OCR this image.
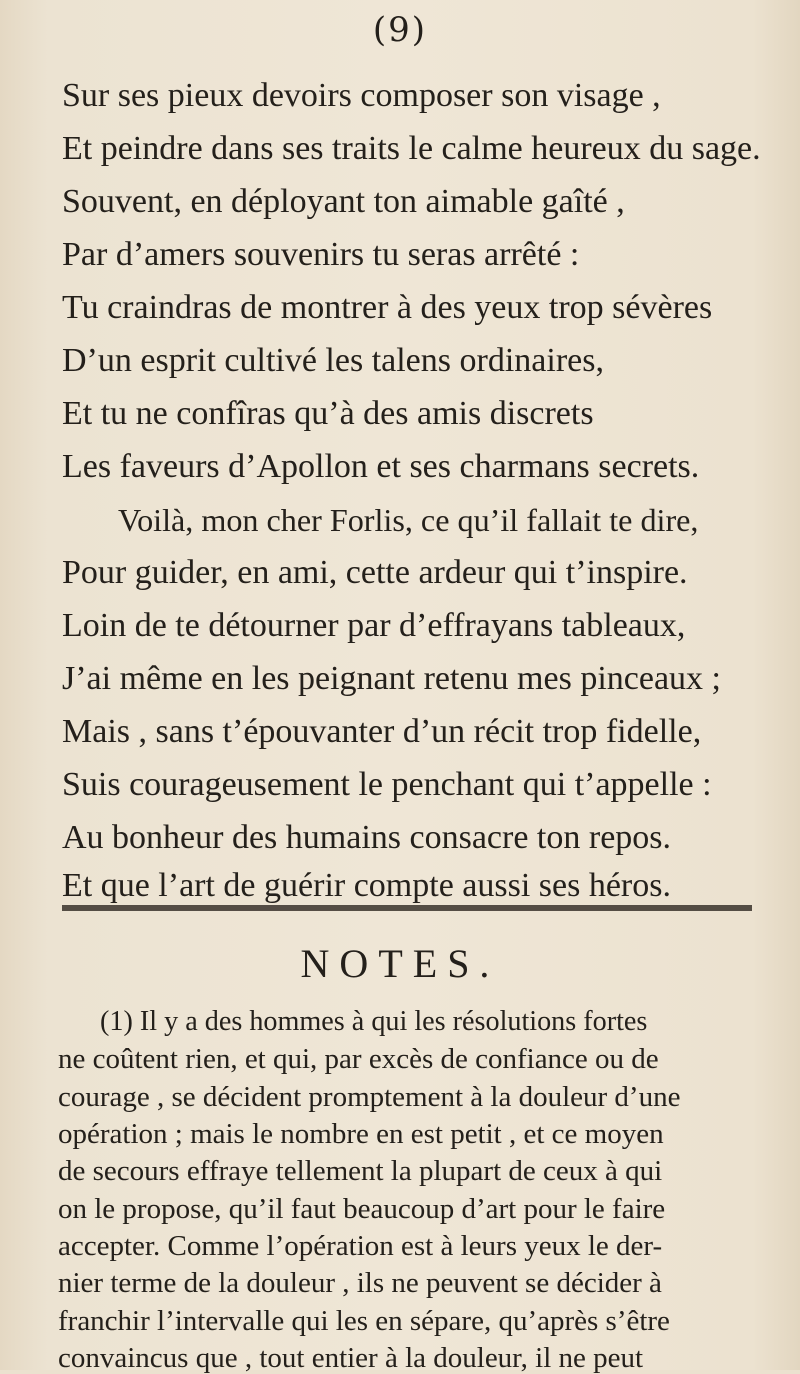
(9)
Sur ses pieux devoirs composer son visage ,
Et peindre dans ses traits le calme heureux du sage.
Souvent, en déployant ton aimable gaîté ,
Par d’amers souvenirs tu seras arrêté :
Tu craindras de montrer à des yeux trop sévères
D’un esprit cultivé les talens ordinaires,
Et tu ne confîras qu’à des amis discrets
Les faveurs d’Apollon et ses charmans secrets.
Voilà, mon cher Forlis, ce qu’il fallait te dire,
Pour guider, en ami, cette ardeur qui t’inspire.
Loin de te détourner par d’effrayans tableaux,
J’ai même en les peignant retenu mes pinceaux ;
Mais , sans t’épouvanter d’un récit trop fidelle,
Suis courageusement le penchant qui t’appelle :
Au bonheur des humains consacre ton repos.
Et que l’art de guérir compte aussi ses héros.
NOTES.
(1) Il y a des hommes à qui les résolutions fortes
ne coûtent rien, et qui, par excès de confiance ou de
courage , se décident promptement à la douleur d’une
opération ; mais le nombre en est petit , et ce moyen
de secours effraye tellement la plupart de ceux à qui
on le propose, qu’il faut beaucoup d’art pour le faire
accepter. Comme l’opération est à leurs yeux le der-
nier terme de la douleur , ils ne peuvent se décider à
franchir l’intervalle qui les en sépare, qu’après s’être
convaincus que , tout entier à la douleur, il ne peut
